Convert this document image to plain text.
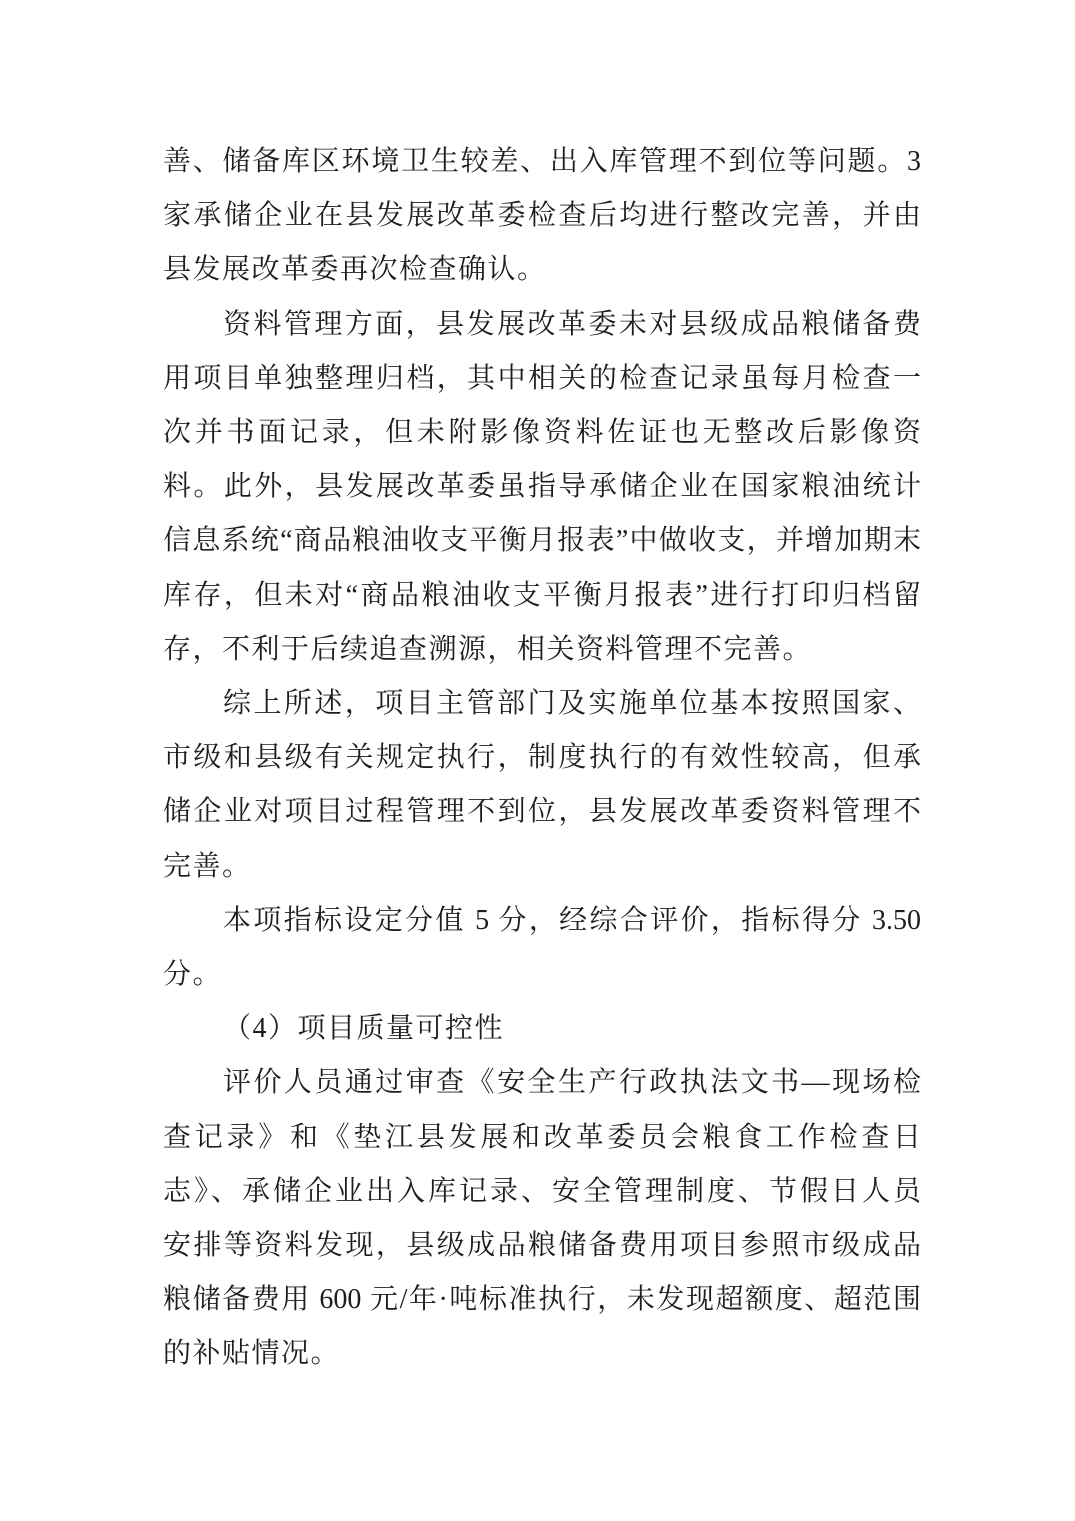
善、储备库区环境卫生较差、出入库管理不到位等问题。3
家承储企业在县发展改革委检查后均进行整改完善，并由
县发展改革委再次检查确认。
资料管理方面，县发展改革委未对县级成品粮储备费
用项目单独整理归档，其中相关的检查记录虽每月检查一
次并书面记录，但未附影像资料佐证也无整改后影像资
料。此外，县发展改革委虽指导承储企业在国家粮油统计
信息系统“商品粮油收支平衡月报表”中做收支，并增加期末
库存，但未对“商品粮油收支平衡月报表”进行打印归档留
存，不利于后续追查溯源，相关资料管理不完善。
综上所述，项目主管部门及实施单位基本按照国家、
市级和县级有关规定执行，制度执行的有效性较高，但承
储企业对项目过程管理不到位，县发展改革委资料管理不
完善。
本项指标设定分值 5 分，经综合评价，指标得分 3.50
分。
（4）项目质量可控性
评价人员通过审查《安全生产行政执法文书—现场检
查记录》和《垫江县发展和改革委员会粮食工作检查日
志》、承储企业出入库记录、安全管理制度、节假日人员
安排等资料发现，县级成品粮储备费用项目参照市级成品
粮储备费用 600 元/年·吨标准执行，未发现超额度、超范围
的补贴情况。
